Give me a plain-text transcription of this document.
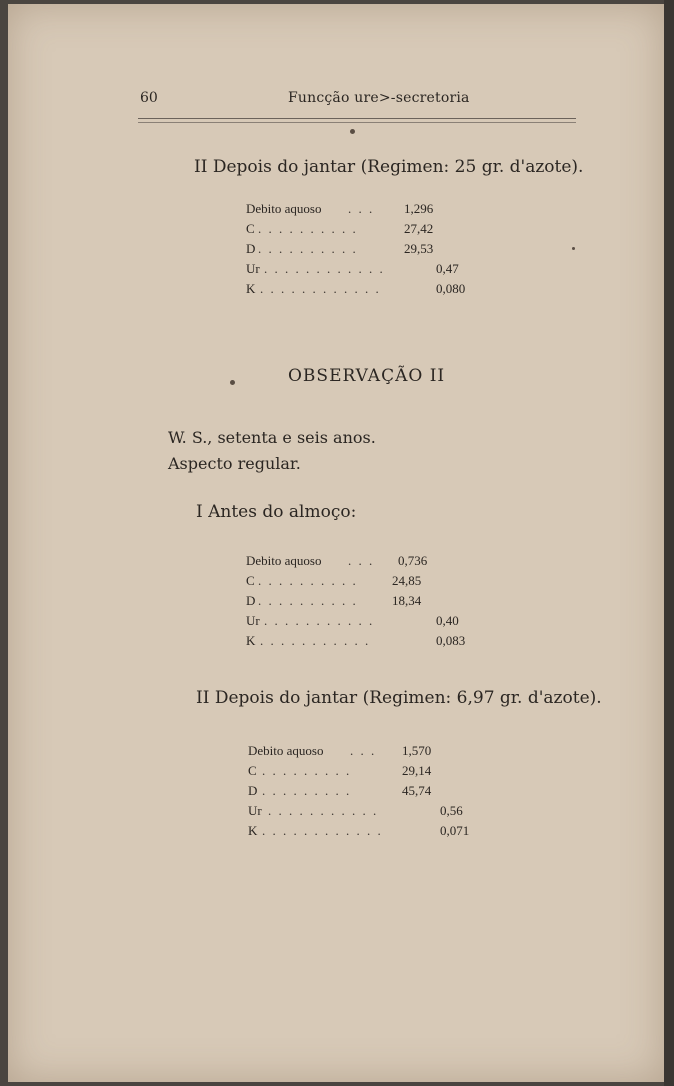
60	Funcção ure>-secretoria
II Depois do jantar (Regimen: 25 gr. d'azote).
Debito aquoso . . . 1,296
C . . . . . . . . . .	27,42
D . . . . . . . . . .	29,53
Ur . . . . . . . . . . . .	0,47
K . . . . . . . . . . . .	0,080
OBSERVAÇÃO II
W. S., setenta e seis anos.
Aspecto regular.
I Antes do almoço:
Debito aquoso . . . 0,736
C . . . . . . . . . .	24,85
D . . . . . . . . . .	18,34
Ur . . . . . . . . . . .	0,40
K . . . . . . . . . . .	0,083
II Depois do jantar (Regimen: 6,97 gr. d'azote).
Debito aquoso . . . 1,570
C . . . . . . . . .	29,14
D . . . . . . . . .	45,74
Ur . . . . . . . . . . .	0,56
K . . . . . . . . . . . .	0,071
